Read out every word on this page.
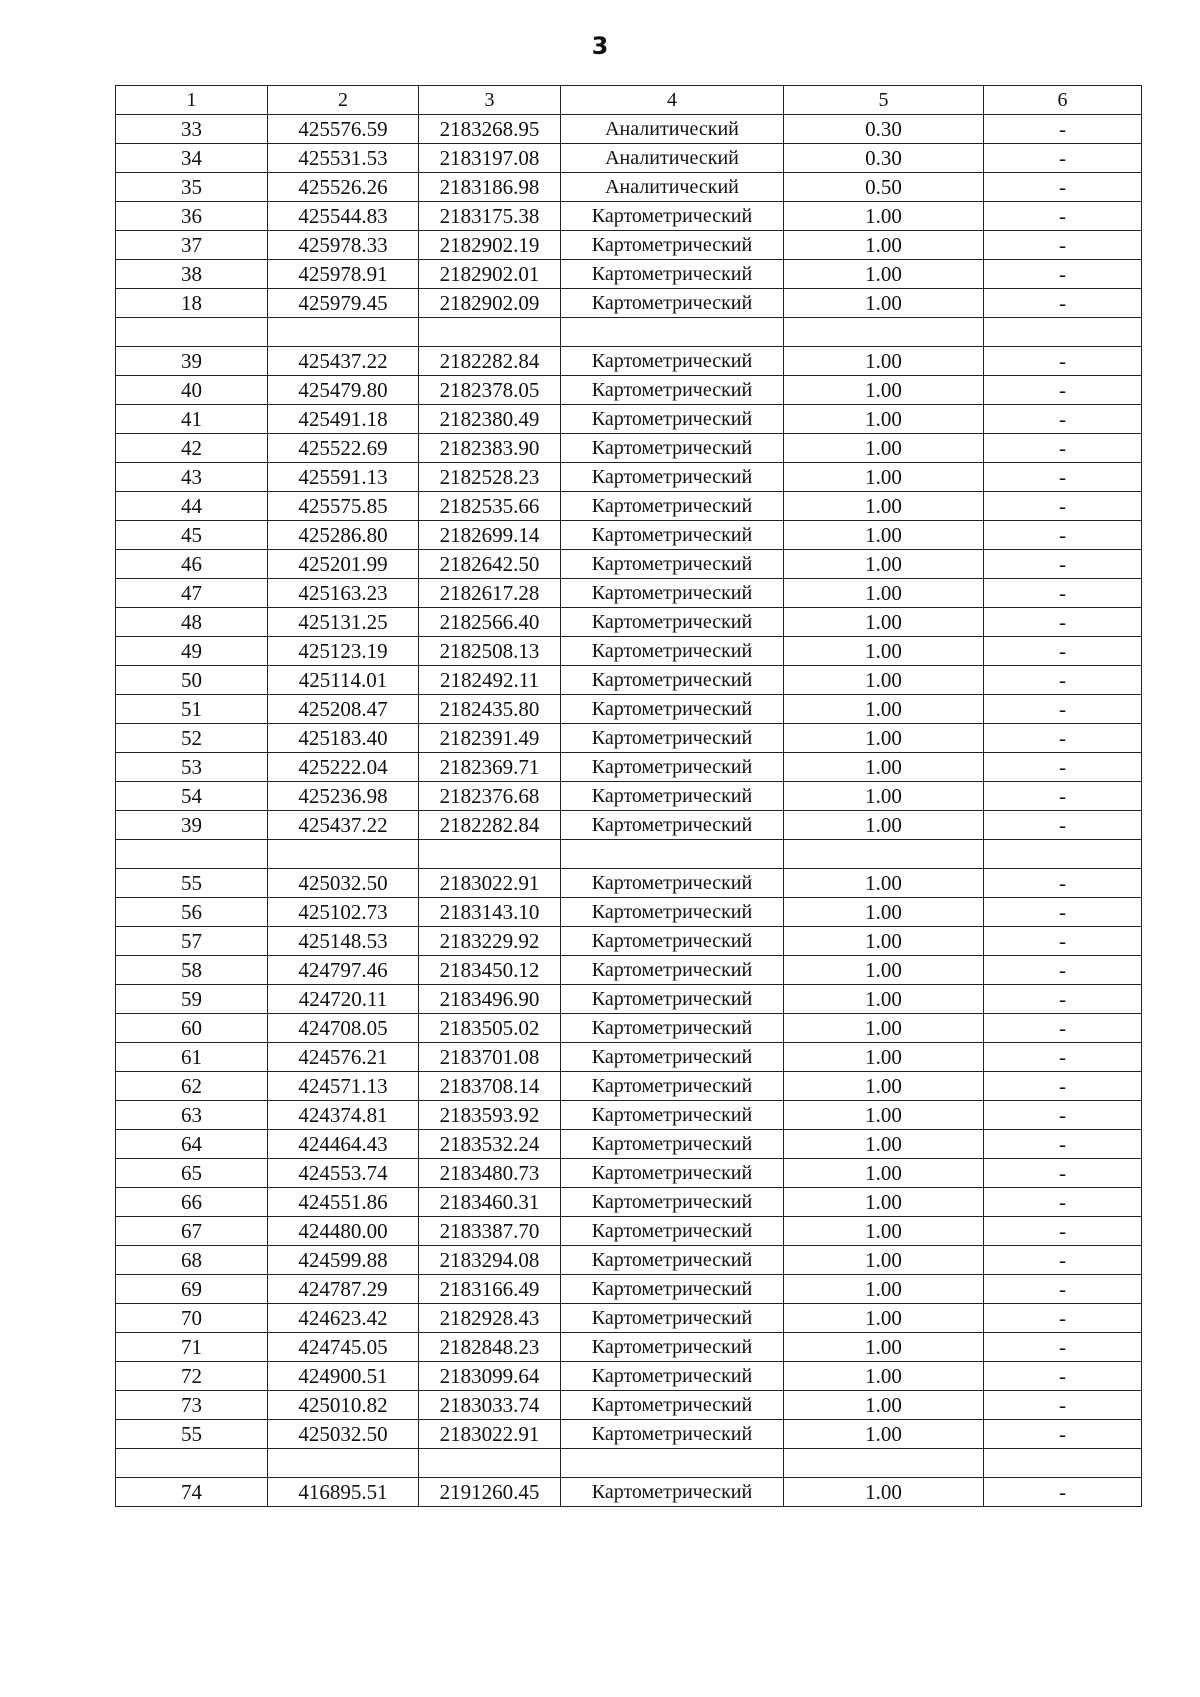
3
1	2	3	4	5	6
33	425576.59	2183268.95	Аналитический	0.30	-
34	425531.53	2183197.08	Аналитический	0.30	-
35	425526.26	2183186.98	Аналитический	0.50	-
36	425544.83	2183175.38	Картометрический	1.00	-
37	425978.33	2182902.19	Картометрический	1.00	-
38	425978.91	2182902.01	Картометрический	1.00	-
18	425979.45	2182902.09	Картометрический	1.00	-

39	425437.22	2182282.84	Картометрический	1.00	-
40	425479.80	2182378.05	Картометрический	1.00	-
41	425491.18	2182380.49	Картометрический	1.00	-
42	425522.69	2182383.90	Картометрический	1.00	-
43	425591.13	2182528.23	Картометрический	1.00	-
44	425575.85	2182535.66	Картометрический	1.00	-
45	425286.80	2182699.14	Картометрический	1.00	-
46	425201.99	2182642.50	Картометрический	1.00	-
47	425163.23	2182617.28	Картометрический	1.00	-
48	425131.25	2182566.40	Картометрический	1.00	-
49	425123.19	2182508.13	Картометрический	1.00	-
50	425114.01	2182492.11	Картометрический	1.00	-
51	425208.47	2182435.80	Картометрический	1.00	-
52	425183.40	2182391.49	Картометрический	1.00	-
53	425222.04	2182369.71	Картометрический	1.00	-
54	425236.98	2182376.68	Картометрический	1.00	-
39	425437.22	2182282.84	Картометрический	1.00	-

55	425032.50	2183022.91	Картометрический	1.00	-
56	425102.73	2183143.10	Картометрический	1.00	-
57	425148.53	2183229.92	Картометрический	1.00	-
58	424797.46	2183450.12	Картометрический	1.00	-
59	424720.11	2183496.90	Картометрический	1.00	-
60	424708.05	2183505.02	Картометрический	1.00	-
61	424576.21	2183701.08	Картометрический	1.00	-
62	424571.13	2183708.14	Картометрический	1.00	-
63	424374.81	2183593.92	Картометрический	1.00	-
64	424464.43	2183532.24	Картометрический	1.00	-
65	424553.74	2183480.73	Картометрический	1.00	-
66	424551.86	2183460.31	Картометрический	1.00	-
67	424480.00	2183387.70	Картометрический	1.00	-
68	424599.88	2183294.08	Картометрический	1.00	-
69	424787.29	2183166.49	Картометрический	1.00	-
70	424623.42	2182928.43	Картометрический	1.00	-
71	424745.05	2182848.23	Картометрический	1.00	-
72	424900.51	2183099.64	Картометрический	1.00	-
73	425010.82	2183033.74	Картометрический	1.00	-
55	425032.50	2183022.91	Картометрический	1.00	-

74	416895.51	2191260.45	Картометрический	1.00	-
